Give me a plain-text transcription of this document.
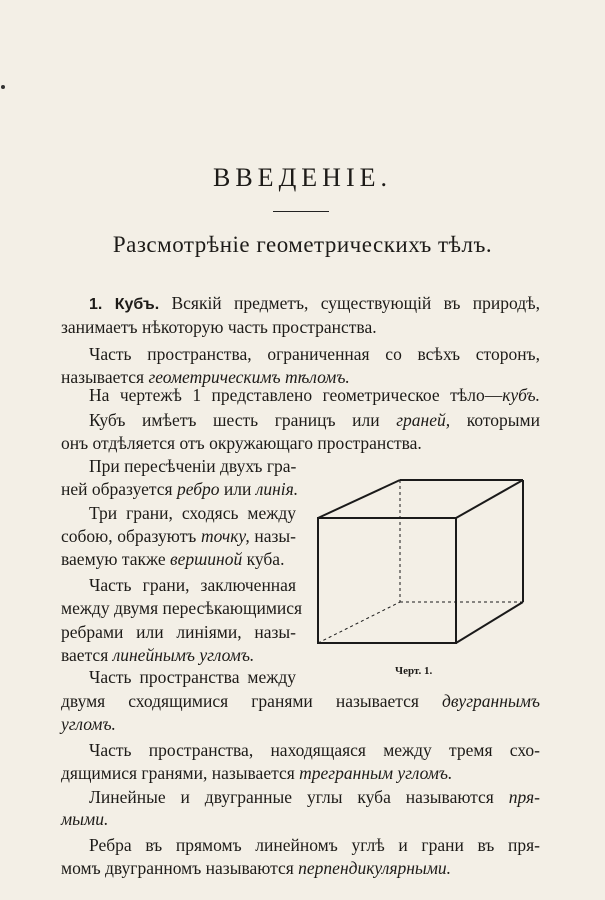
ВВЕДЕНІЕ.
Разсмотрѣніе геометрическихъ тѣлъ.
1. Кубъ. Всякій предметъ, существующій въ природѣ,
занимаетъ нѣкоторую часть пространства.
Часть пространства, ограниченная со всѣхъ сторонъ,
называется геометрическимъ тѣломъ.
На чертежѣ 1 представлено геометрическое тѣло—кубъ.
Кубъ имѣетъ шесть границъ или граней, которыми
онъ отдѣляется отъ окружающаго пространства.
При пересѣченіи двухъ гра-
ней образуется ребро или линія.
Три грани, сходясь между
собою, образуютъ точку, назы-
ваемую также вершиной куба.
Часть грани, заключенная
между двумя пересѣкающимися
ребрами или линіями, назы-
вается линейнымъ угломъ.
Часть пространства между
двумя сходящимися гранями называется двуграннымъ
угломъ.
Часть пространства, находящаяся между тремя схо-
дящимися гранями, называется трегранным угломъ.
Линейные и двугранные углы куба называются пря-
мыми.
Ребра въ прямомъ линейномъ углѣ и грани въ пря-
момъ двугранномъ называются перпендикулярными.
Черт. 1.
